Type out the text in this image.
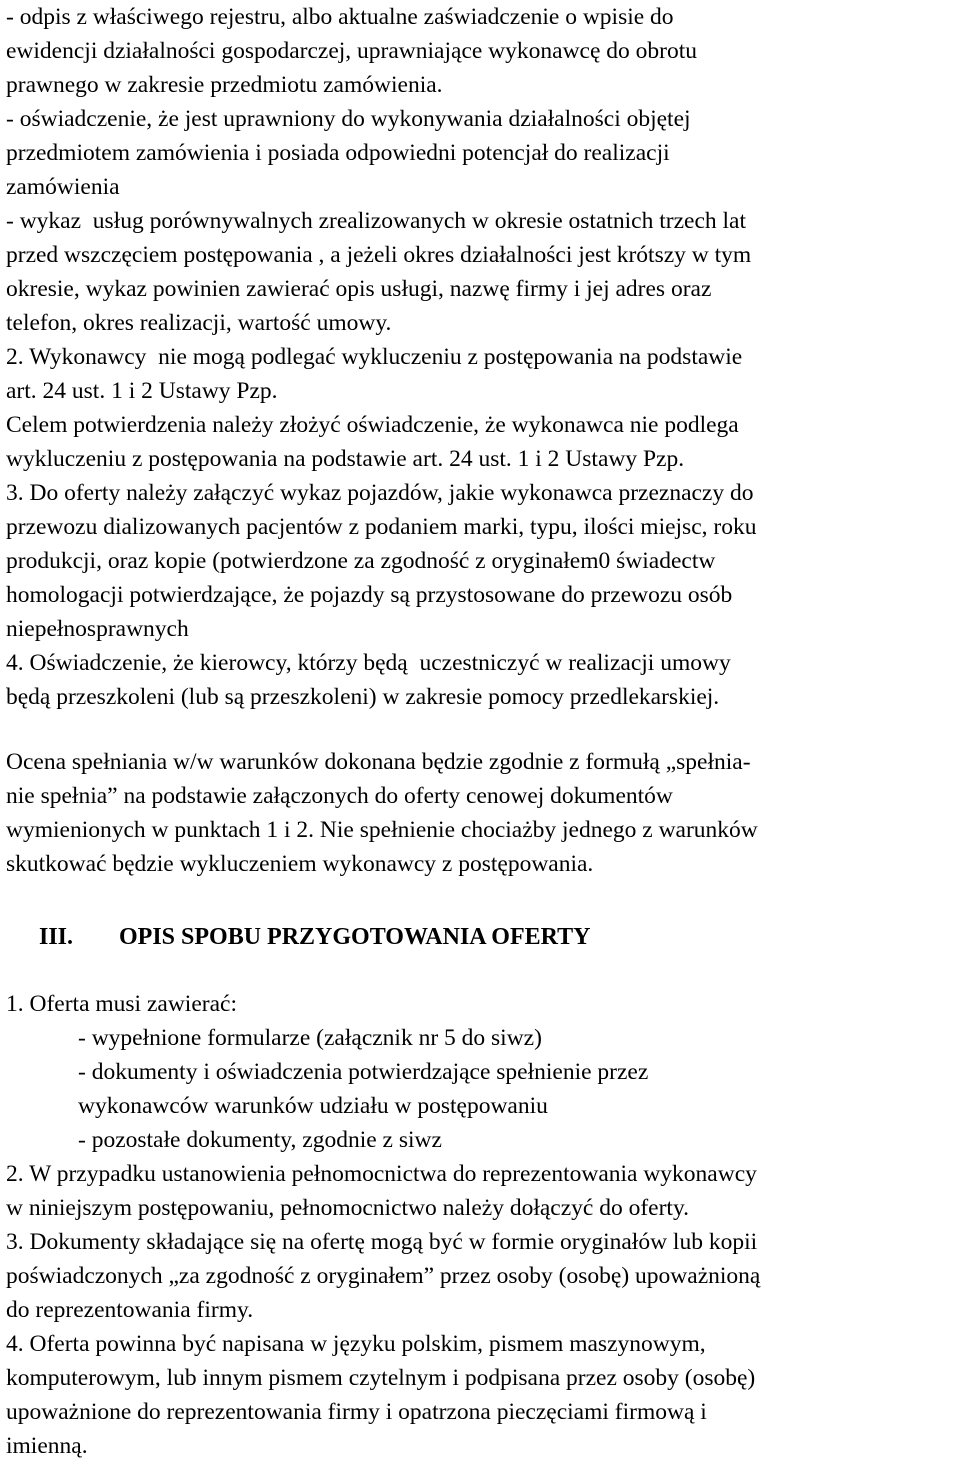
- odpis z właściwego rejestru, albo aktualne zaświadczenie o wpisie do
ewidencji działalności gospodarczej, uprawniające wykonawcę do obrotu
prawnego w zakresie przedmiotu zamówienia.
- oświadczenie, że jest uprawniony do wykonywania działalności objętej
przedmiotem zamówienia i posiada odpowiedni potencjał do realizacji
zamówienia
- wykaz  usług porównywalnych zrealizowanych w okresie ostatnich trzech lat
przed wszczęciem postępowania , a jeżeli okres działalności jest krótszy w tym
okresie, wykaz powinien zawierać opis usługi, nazwę firmy i jej adres oraz
telefon, okres realizacji, wartość umowy.
2. Wykonawcy  nie mogą podlegać wykluczeniu z postępowania na podstawie
art. 24 ust. 1 i 2 Ustawy Pzp.
Celem potwierdzenia należy złożyć oświadczenie, że wykonawca nie podlega
wykluczeniu z postępowania na podstawie art. 24 ust. 1 i 2 Ustawy Pzp.
3. Do oferty należy załączyć wykaz pojazdów, jakie wykonawca przeznaczy do
przewozu dializowanych pacjentów z podaniem marki, typu, ilości miejsc, roku
produkcji, oraz kopie (potwierdzone za zgodność z oryginałem0 świadectw
homologacji potwierdzające, że pojazdy są przystosowane do przewozu osób
niepełnosprawnych
4. Oświadczenie, że kierowcy, którzy będą  uczestniczyć w realizacji umowy
będą przeszkoleni (lub są przeszkoleni) w zakresie pomocy przedlekarskiej.
Ocena spełniania w/w warunków dokonana będzie zgodnie z formułą „spełnia-
nie spełnia” na podstawie załączonych do oferty cenowej dokumentów
wymienionych w punktach 1 i 2. Nie spełnienie chociażby jednego z warunków
skutkować będzie wykluczeniem wykonawcy z postępowania.
III. OPIS SPOBU PRZYGOTOWANIA OFERTY
1. Oferta musi zawierać:
- wypełnione formularze (załącznik nr 5 do siwz)
- dokumenty i oświadczenia potwierdzające spełnienie przez
wykonawców warunków udziału w postępowaniu
- pozostałe dokumenty, zgodnie z siwz
2. W przypadku ustanowienia pełnomocnictwa do reprezentowania wykonawcy
w niniejszym postępowaniu, pełnomocnictwo należy dołączyć do oferty.
3. Dokumenty składające się na ofertę mogą być w formie oryginałów lub kopii
poświadczonych „za zgodność z oryginałem” przez osoby (osobę) upoważnioną
do reprezentowania firmy.
4. Oferta powinna być napisana w języku polskim, pismem maszynowym,
komputerowym, lub innym pismem czytelnym i podpisana przez osoby (osobę)
upoważnione do reprezentowania firmy i opatrzona pieczęciami firmową i
imienną.
